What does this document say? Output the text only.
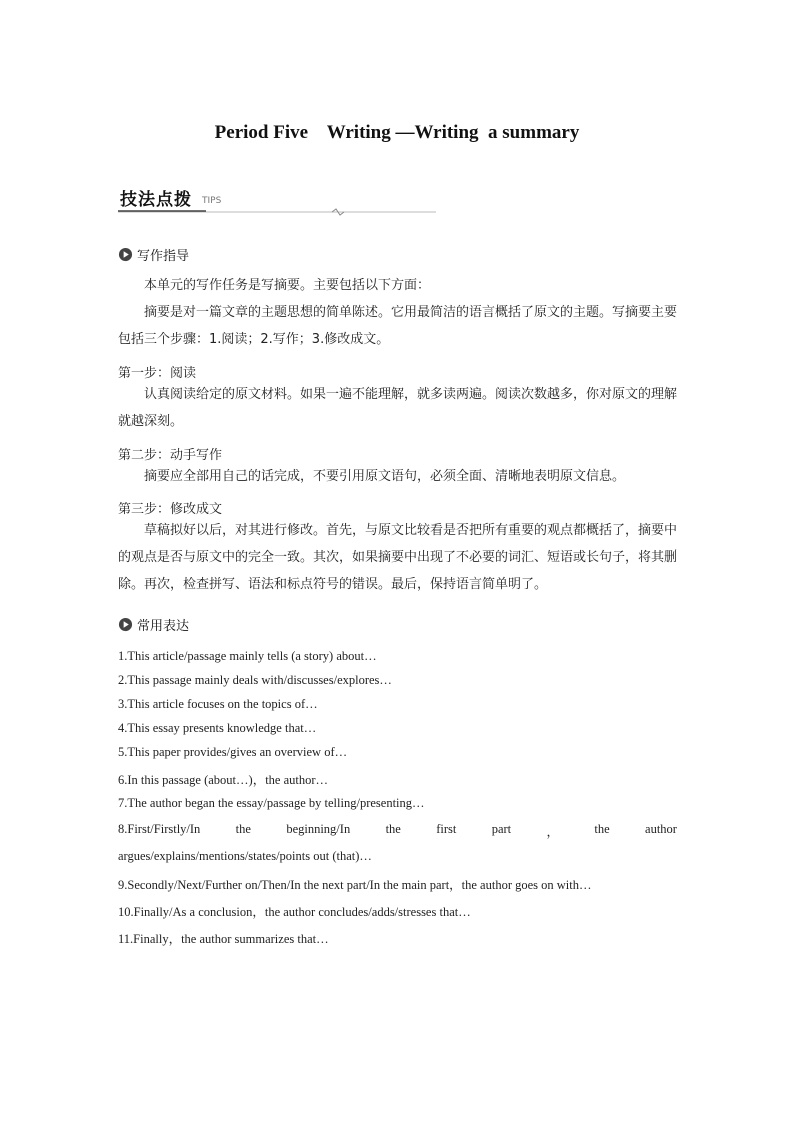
Period Five    Writing —Writing  a summary
技法点拨 TIPS
写作指导
本单元的写作任务是写摘要。主要包括以下方面：
摘要是对一篇文章的主题思想的简单陈述。它用最简洁的语言概括了原文的主题。写摘要主要包括三个步骤：1.阅读；2.写作；3.修改成文。
第一步：阅读
认真阅读给定的原文材料。如果一遍不能理解，就多读两遍。阅读次数越多，你对原文的理解就越深刻。
第二步：动手写作
摘要应全部用自己的话完成，不要引用原文语句，必须全面、清晰地表明原文信息。
第三步：修改成文
草稿拟好以后，对其进行修改。首先，与原文比较看是否把所有重要的观点都概括了，摘要中的观点是否与原文中的完全一致。其次，如果摘要中出现了不必要的词汇、短语或长句子，将其删除。再次，检查拼写、语法和标点符号的错误。最后，保持语言简单明了。
常用表达
1.This article/passage mainly tells (a story) about…
2.This passage mainly deals with/discusses/explores…
3.This article focuses on the topics of…
4.This essay presents knowledge that…
5.This paper provides/gives an overview of…
6.In this passage (about…)，the author…
7.The author began the essay/passage by telling/presenting…
8.First/Firstly/In	the	beginning/In	the	first	part	，	the	author
argues/explains/mentions/states/points out (that)…
9.Secondly/Next/Further on/Then/In the next part/In the main part，the author goes on with…
10.Finally/As a conclusion，the author concludes/adds/stresses that…
11.Finally，the author summarizes that…
